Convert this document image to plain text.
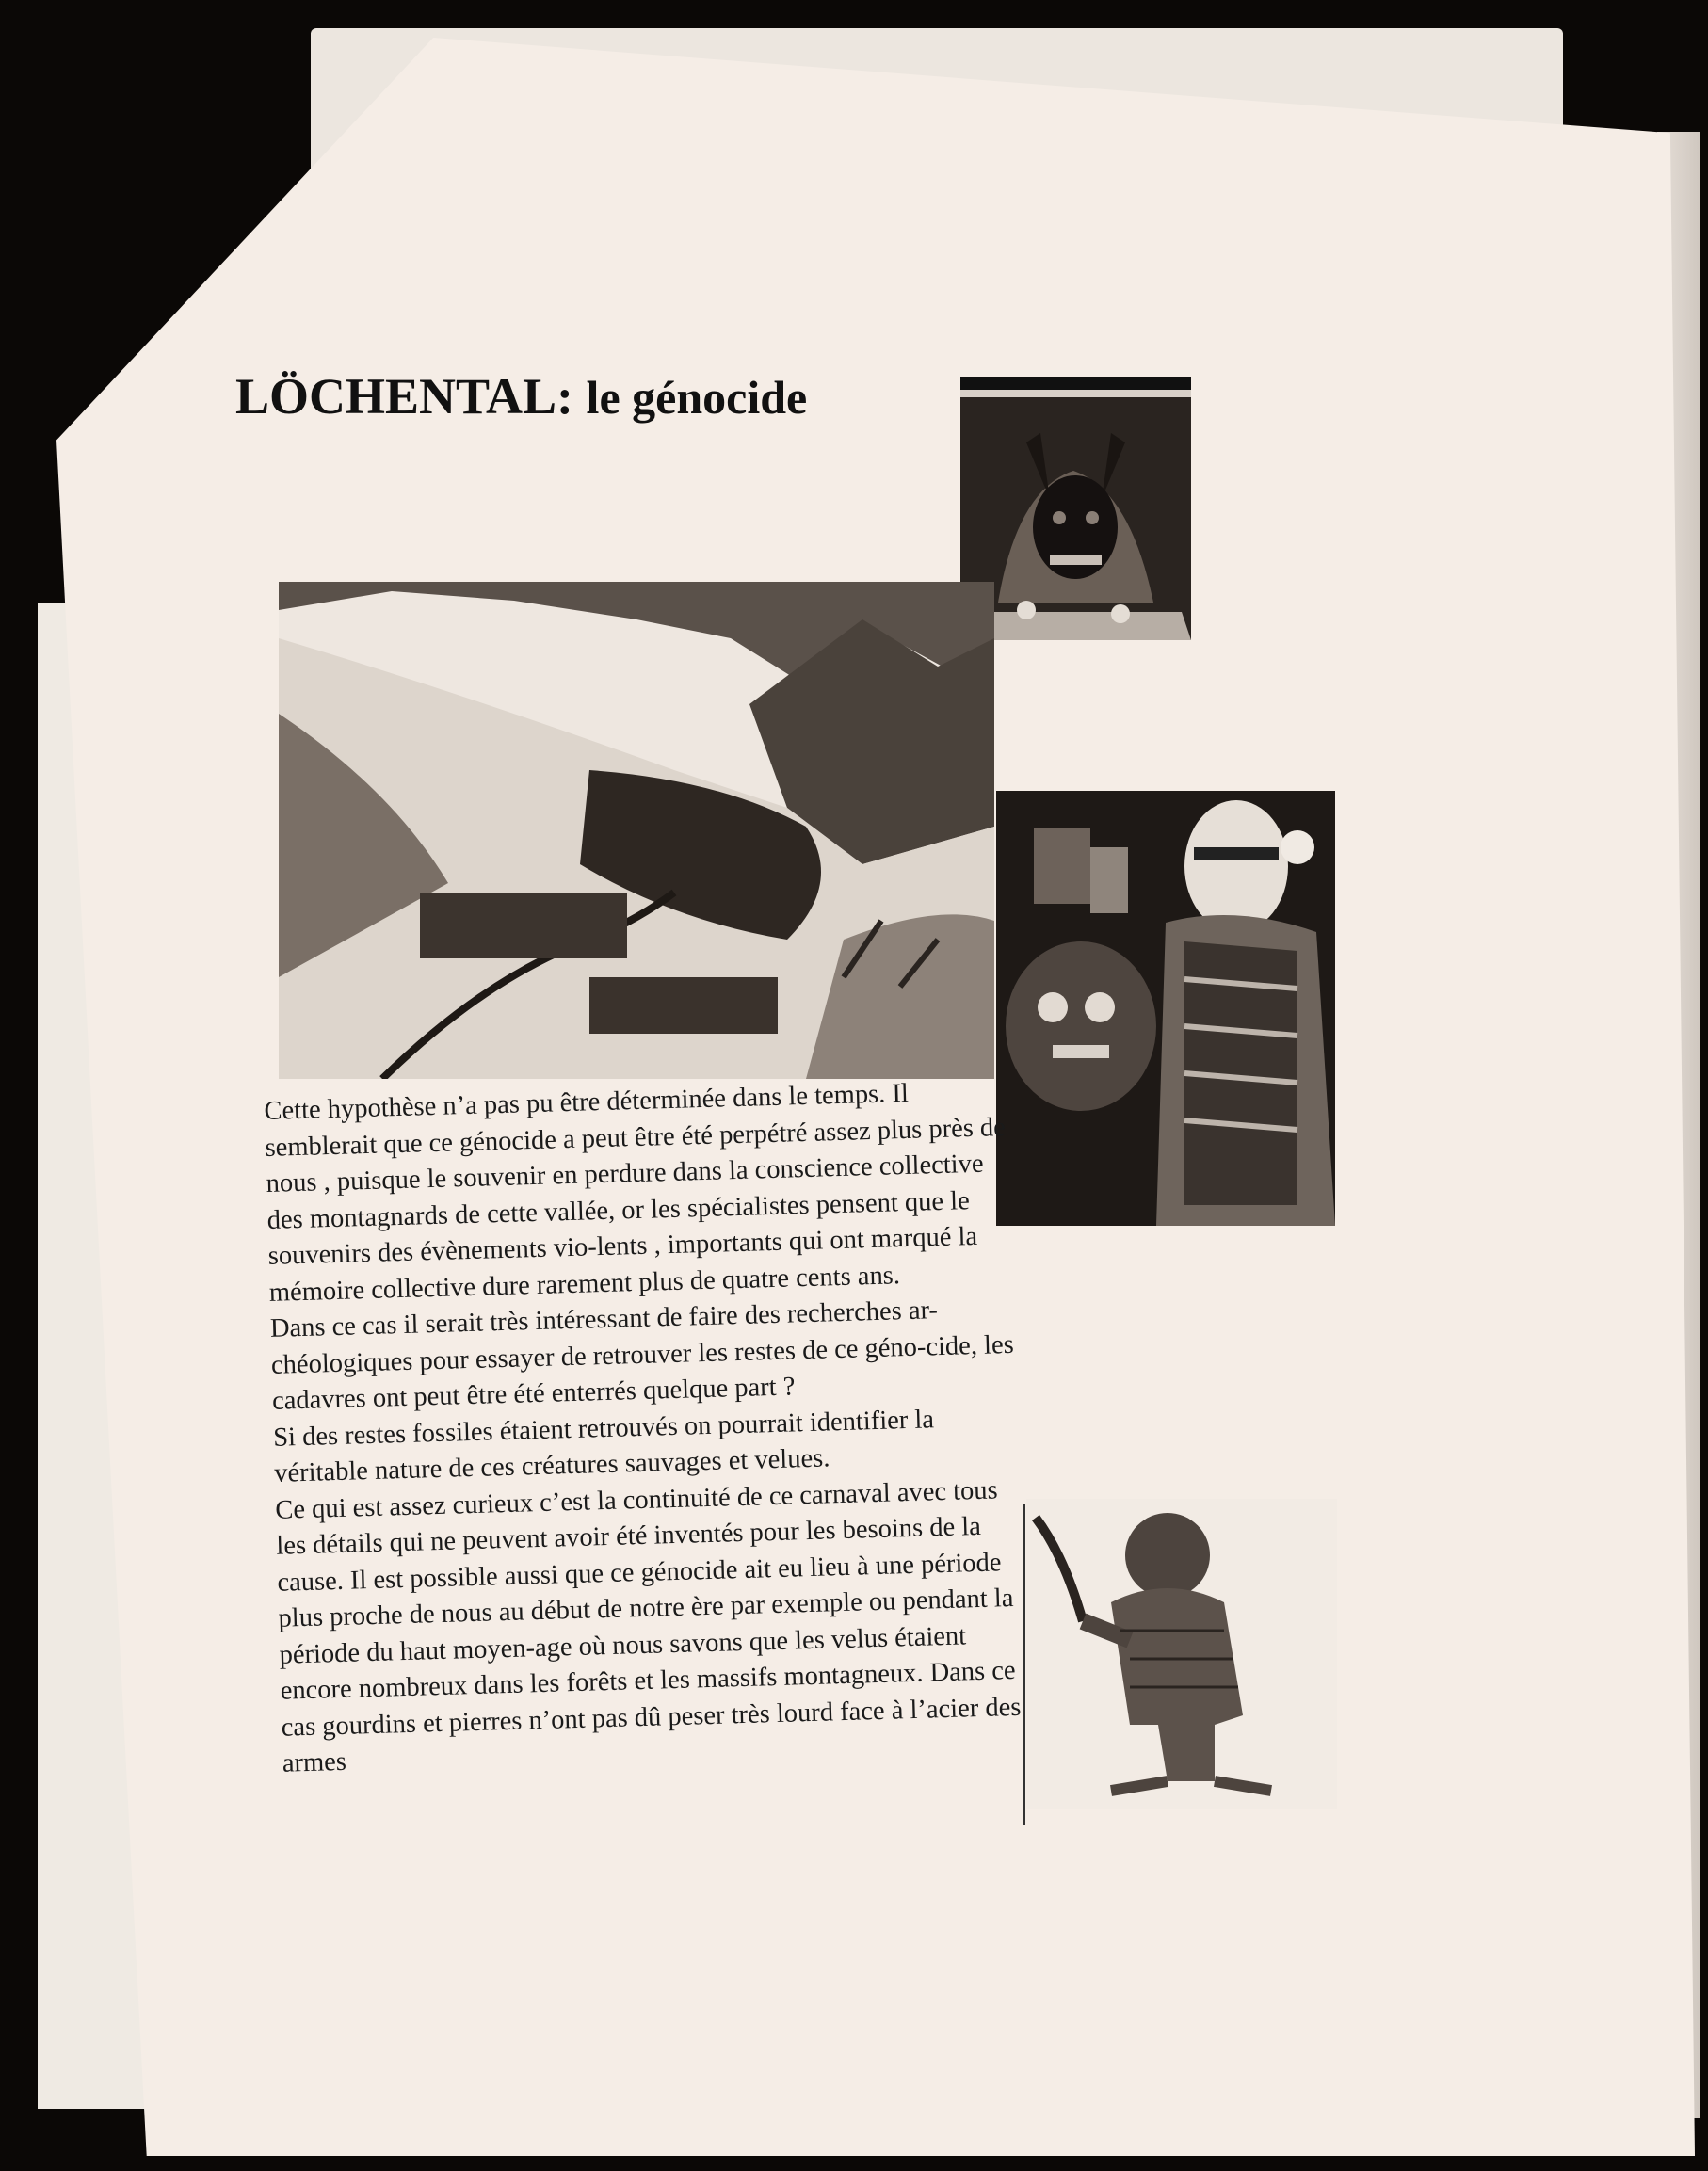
LÖCHENTAL: le génocide

Cette hypothèse n’a pas pu être déterminée dans le temps. Il semblerait que ce génocide a peut être été perpétré assez plus près de nous , puisque le souvenir en perdure dans la conscience collective des montagnards de cette vallée, or les spécialistes pensent que le souvenirs des évènements vio-lents , importants qui ont marqué la mémoire collective dure rarement plus de quatre cents ans.

Dans ce cas il serait très intéressant de faire des recherches ar-chéologiques pour essayer de retrouver les restes de ce géno-cide, les cadavres ont peut être été enterrés quelque part ?

Si des restes fossiles étaient retrouvés on pourrait identifier la véritable nature de ces créatures sauvages et velues.

Ce qui est assez curieux c’est la continuité de ce carnaval avec tous les détails qui ne peuvent avoir été inventés pour les besoins de la cause. Il est possible aussi que ce génocide ait eu lieu à une période plus proche de nous au début de notre ère par exemple ou pendant la période du haut moyen-age où nous savons que les velus étaient encore nombreux dans les forêts et les massifs montagneux. Dans ce cas gourdins et pierres n’ont pas dû peser très lourd face à l’acier des armes
